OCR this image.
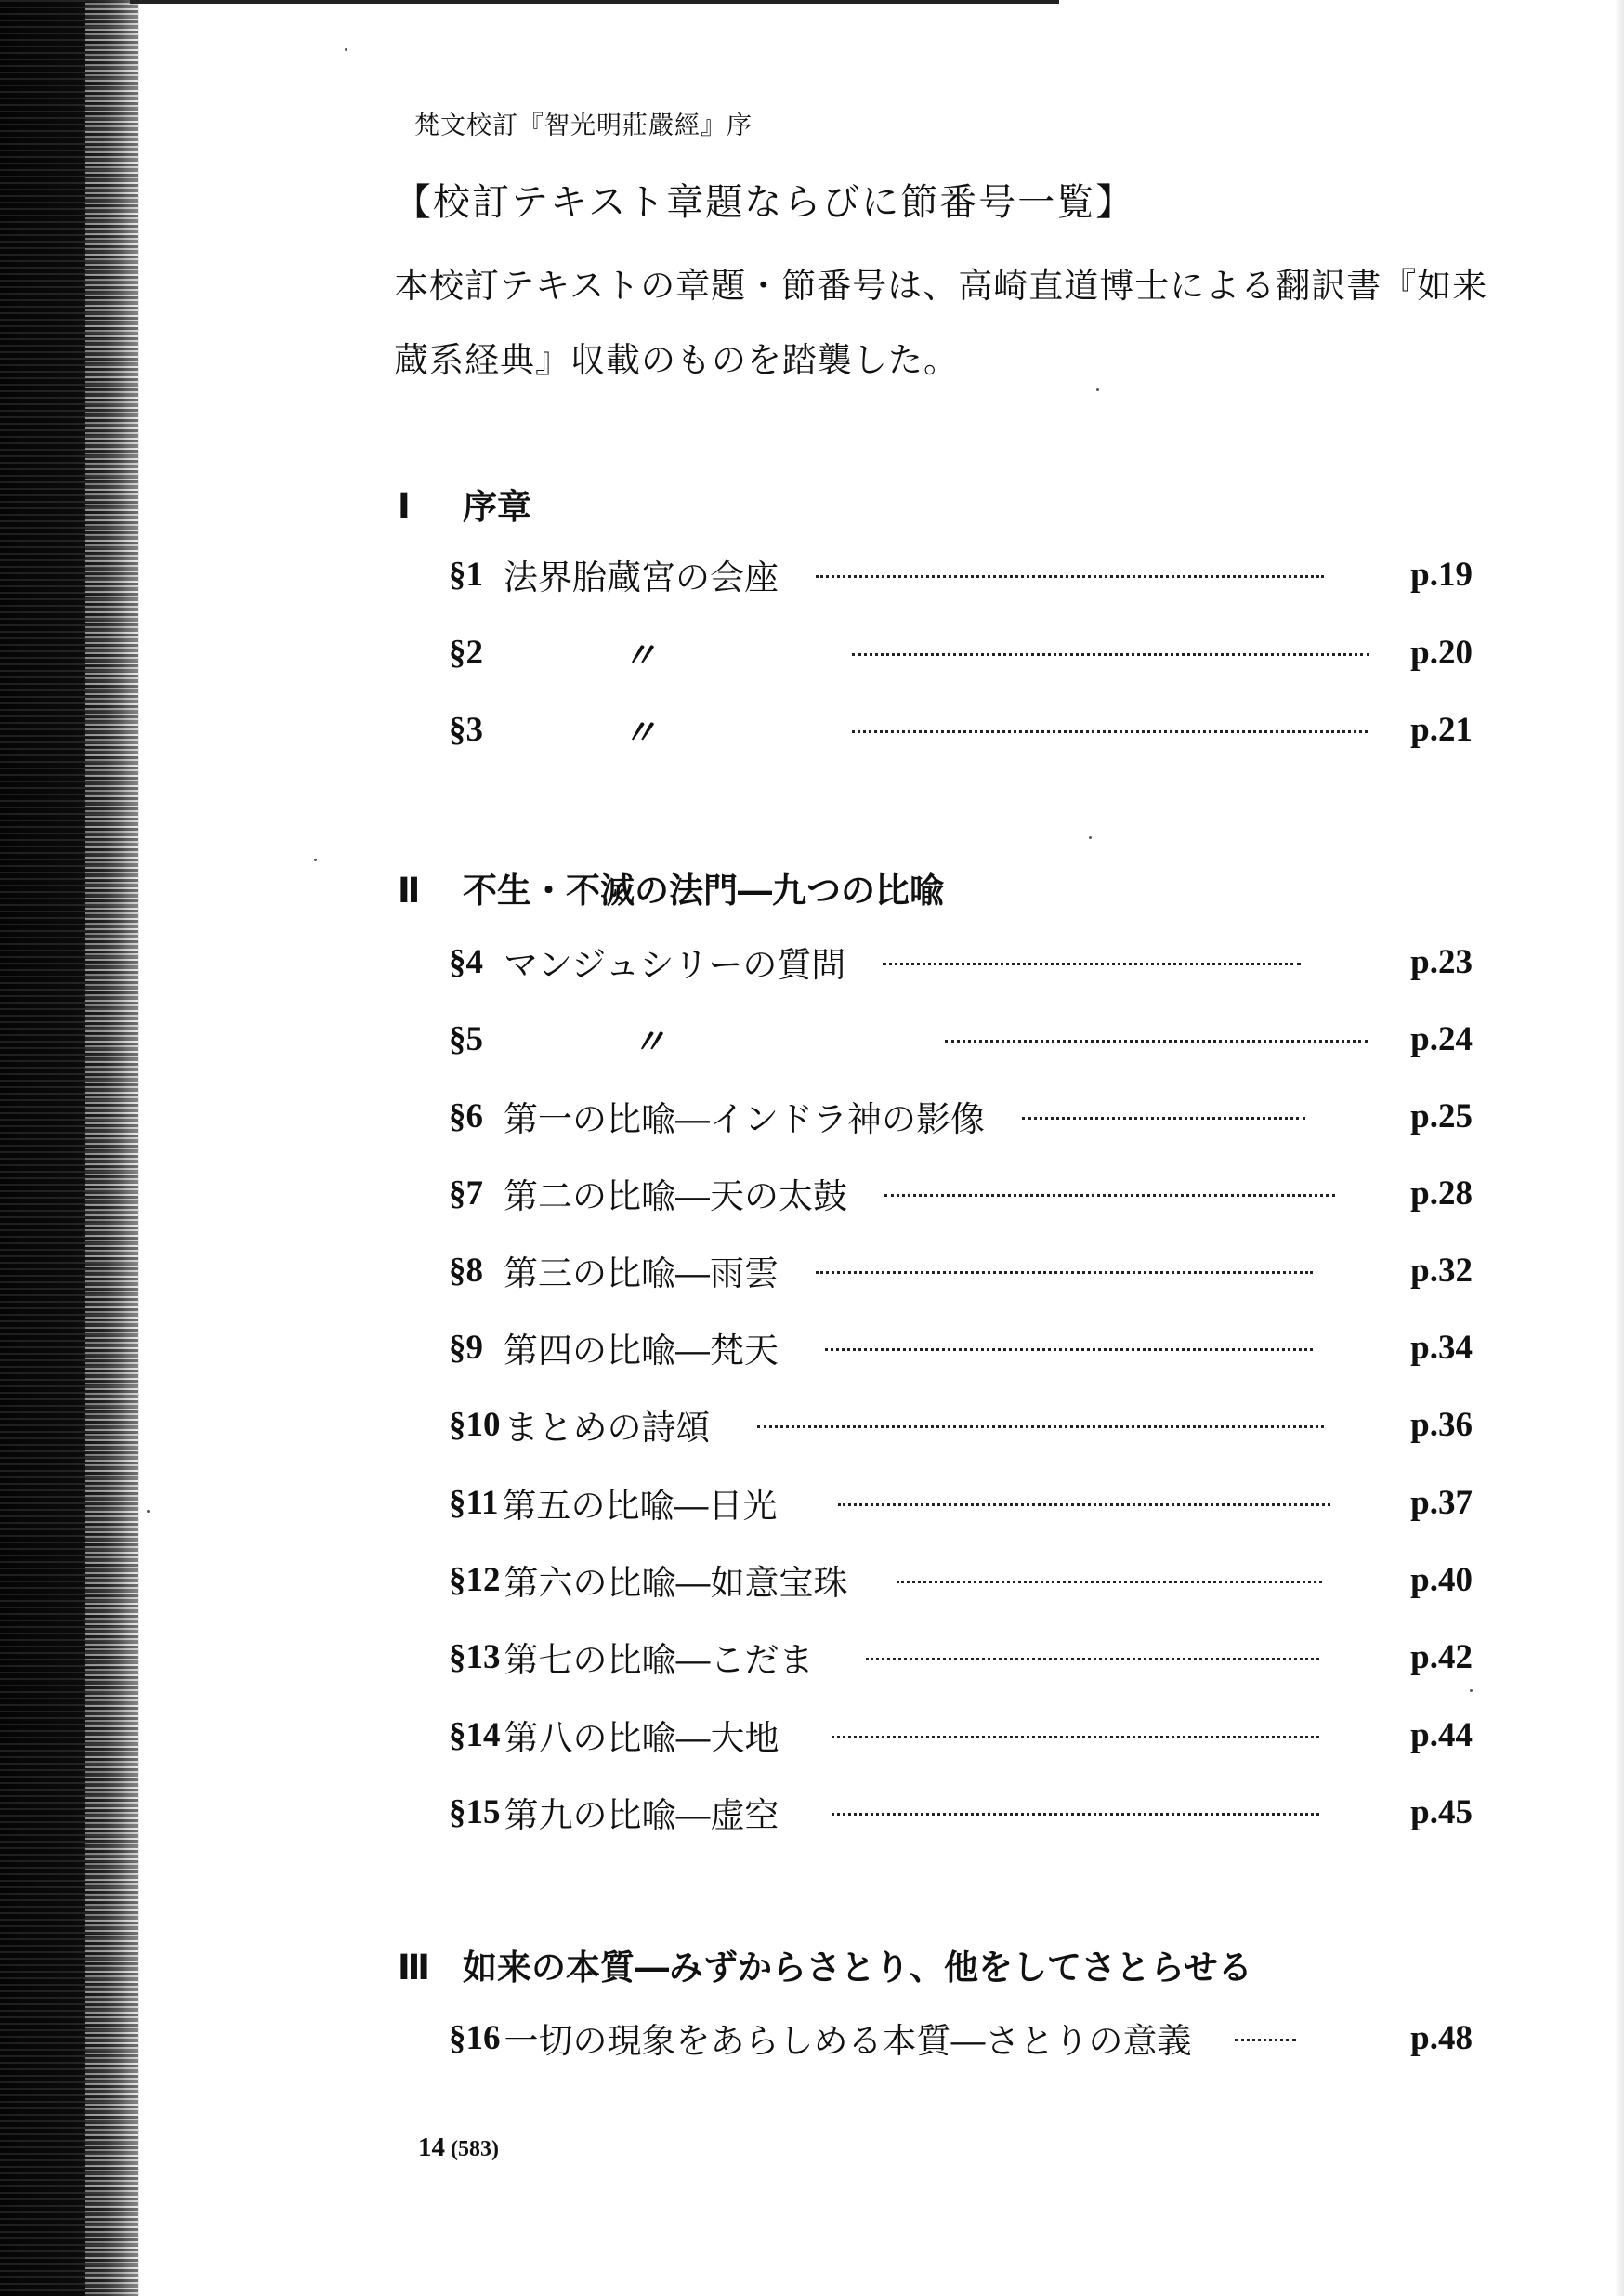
梵文校訂『智光明莊嚴經』序
【校訂テキスト章題ならびに節番号一覧】
本校訂テキストの章題・節番号は、高崎直道博士による翻訳書『如来
蔵系経典』収載のものを踏襲した。
Ⅰ 序章
§1 法界胎蔵宮の会座	p.19
§2	〃	p.20
§3	〃	p.21
Ⅱ 不生・不滅の法門―九つの比喩
§4 マンジュシリーの質問	p.23
§5	〃	p.24
§6 第一の比喩―インドラ神の影像	p.25
§7 第二の比喩―天の太鼓	p.28
§8 第三の比喩―雨雲	p.32
§9 第四の比喩―梵天	p.34
§10 まとめの詩頌	p.36
§11 第五の比喩―日光	p.37
§12 第六の比喩―如意宝珠	p.40
§13 第七の比喩―こだま	p.42
§14 第八の比喩―大地	p.44
§15 第九の比喩―虚空	p.45
Ⅲ 如来の本質―みずからさとり、他をしてさとらせる
§16 一切の現象をあらしめる本質―さとりの意義	p.48
14 (583)
